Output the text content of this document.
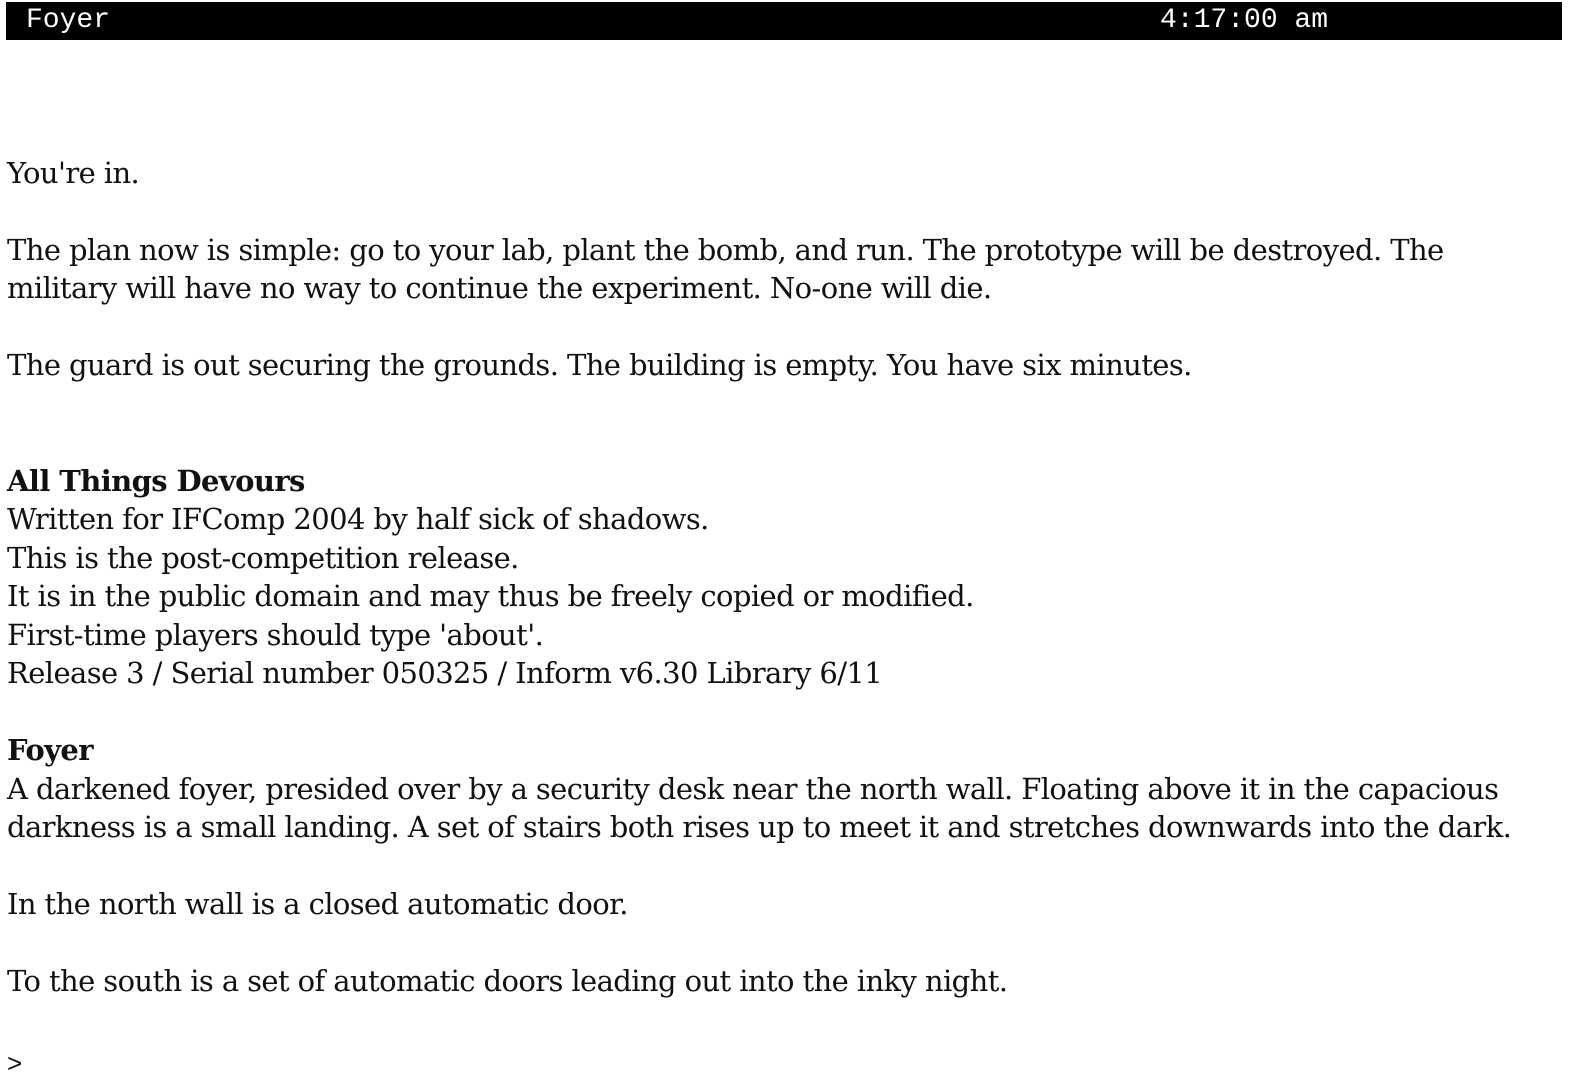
Foyer	4:17:00 am
You're in.
The plan now is simple: go to your lab, plant the bomb, and run. The prototype will be destroyed. The
military will have no way to continue the experiment. No-one will die.
The guard is out securing the grounds. The building is empty. You have six minutes.
All Things Devours
Written for IFComp 2004 by half sick of shadows.
This is the post-competition release.
It is in the public domain and may thus be freely copied or modified.
First-time players should type 'about'.
Release 3 / Serial number 050325 / Inform v6.30 Library 6/11
Foyer
A darkened foyer, presided over by a security desk near the north wall. Floating above it in the capacious
darkness is a small landing. A set of stairs both rises up to meet it and stretches downwards into the dark.
In the north wall is a closed automatic door.
To the south is a set of automatic doors leading out into the inky night.
>
